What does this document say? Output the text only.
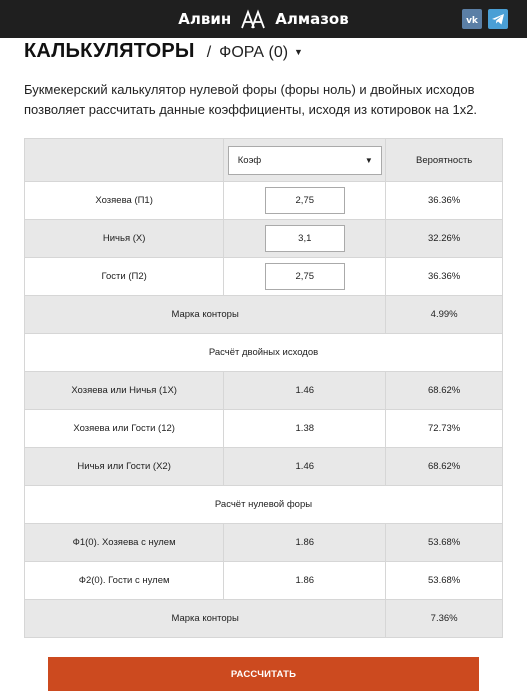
Алвин	Алмазов	vk
КАЛЬКУЛЯТОРЫ / ФОРА (0) ▼

Букмекерский калькулятор нулевой форы (форы ноль) и двойных исходов позволяет рассчитать данные коэффициенты, исходя из котировок на 1х2.

	Коэф ▼	Вероятность
Хозяева (П1)	2,75	36.36%
Ничья (Х)	3,1	32.26%
Гости (П2)	2,75	36.36%
Марка конторы		4.99%
Расчёт двойных исходов		
Хозяева или Ничья (1Х)	1.46	68.62%
Хозяева или Гости (12)	1.38	72.73%
Ничья или Гости (Х2)	1.46	68.62%
Расчёт нулевой форы		
Ф1(0). Хозяева с нулем	1.86	53.68%
Ф2(0). Гости с нулем	1.86	53.68%
Марка конторы		7.36%
РАССЧИТАТЬ
